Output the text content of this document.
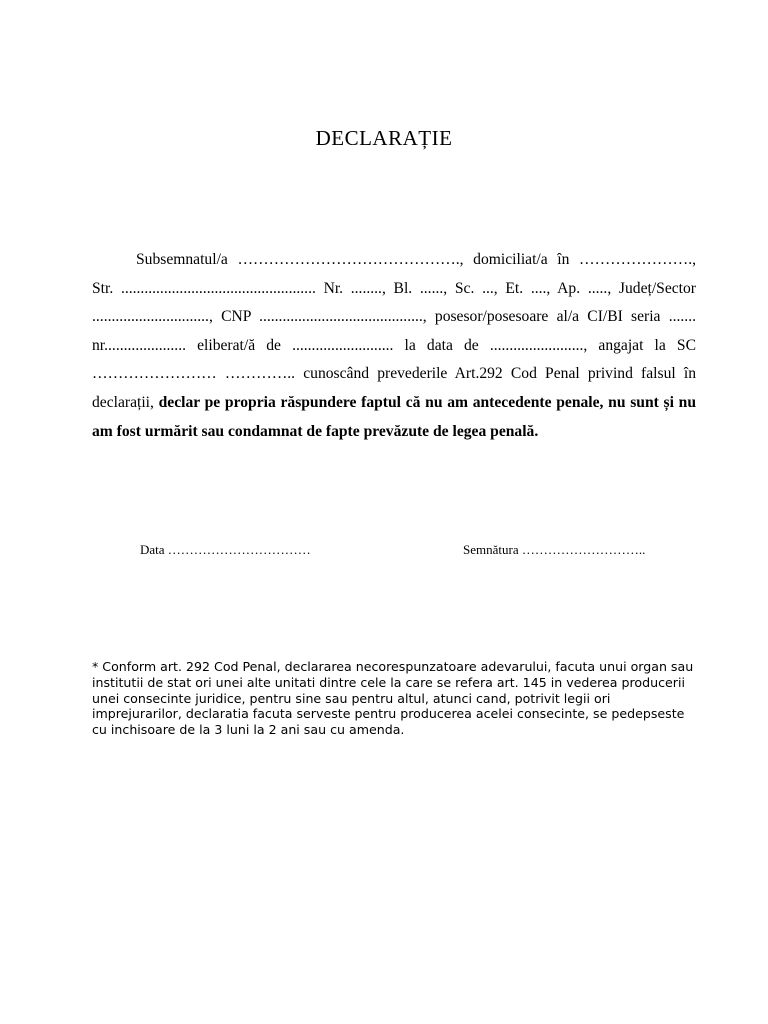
DECLARAȚIE

Subsemnatul/a ……………………………………., domiciliat/a în …………………., Str. .................................................. Nr. ........, Bl. ......, Sc. ..., Et. ...., Ap. ....., Județ/Sector .............................., CNP .........................................., posesor/posesoare al/a CI/BI seria ....... nr..................... eliberat/ă de .......................... la data de ........................, angajat la SC …………………… ………….. cunoscând prevederile Art.292 Cod Penal privind falsul în declarații, declar pe propria răspundere faptul că nu am antecedente penale, nu sunt și nu am fost urmărit sau condamnat de fapte prevăzute de legea penală.

Data ……………………………	Semnătura ………………………..

* Conform art. 292 Cod Penal, declararea necorespunzatoare adevarului, facuta unui organ sau institutii de stat ori unei alte unitati dintre cele la care se refera art. 145 in vederea producerii unei consecinte juridice, pentru sine sau pentru altul, atunci cand, potrivit legii ori imprejurarilor, declaratia facuta serveste pentru producerea acelei consecinte, se pedepseste cu inchisoare de la 3 luni la 2 ani sau cu amenda.
